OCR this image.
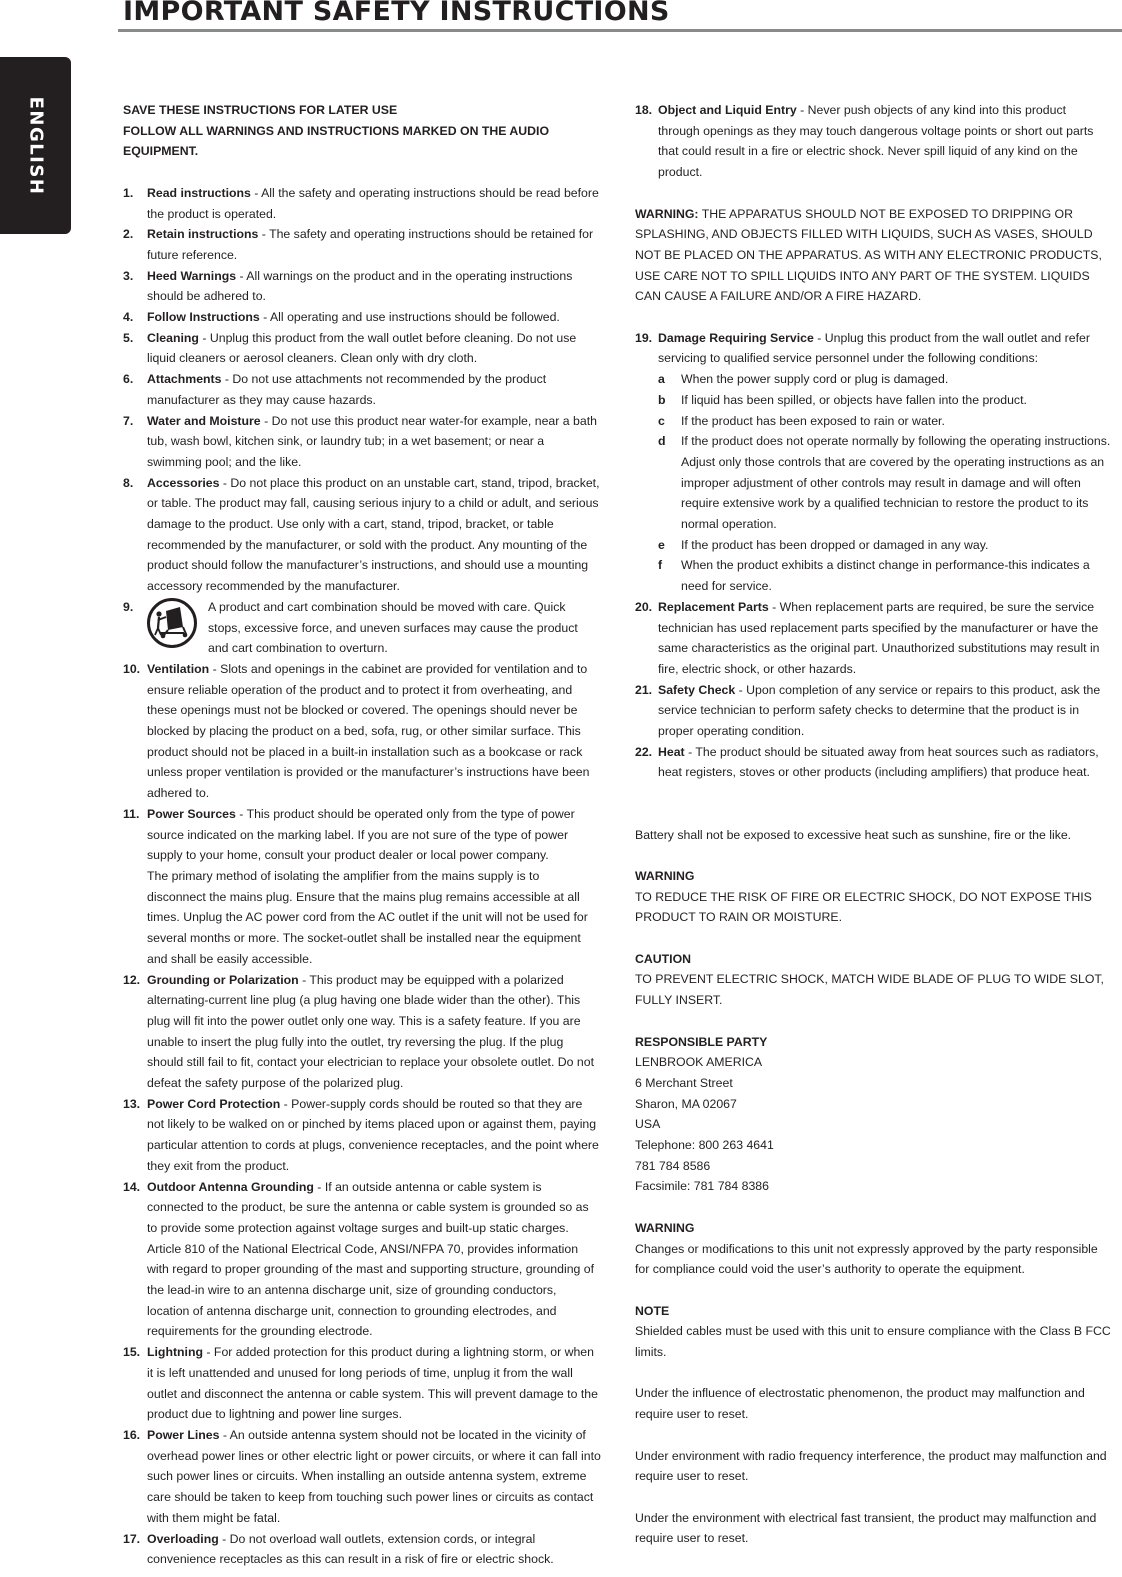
IMPORTANT SAFETY INSTRUCTIONS
ENGLISH	SAVE THESE INSTRUCTIONS FOR LATER USE
FOLLOW ALL WARNINGS AND INSTRUCTIONS MARKED ON THE AUDIO EQUIPMENT.
1. Read instructions - All the safety and operating instructions should be read before the product is operated.
2. Retain instructions - The safety and operating instructions should be retained for future reference.
3. Heed Warnings - All warnings on the product and in the operating instructions should be adhered to.
4. Follow Instructions - All operating and use instructions should be followed.
5. Cleaning - Unplug this product from the wall outlet before cleaning. Do not use liquid cleaners or aerosol cleaners. Clean only with dry cloth.
6. Attachments - Do not use attachments not recommended by the product manufacturer as they may cause hazards.
7. Water and Moisture - Do not use this product near water-for example, near a bath tub, wash bowl, kitchen sink, or laundry tub; in a wet basement; or near a swimming pool; and the like.
8. Accessories - Do not place this product on an unstable cart, stand, tripod, bracket, or table. The product may fall, causing serious injury to a child or adult, and serious damage to the product. Use only with a cart, stand, tripod, bracket, or table recommended by the manufacturer, or sold with the product. Any mounting of the product should follow the manufacturer’s instructions, and should use a mounting accessory recommended by the manufacturer.
9.	A product and cart combination should be moved with care. Quick stops, excessive force, and uneven surfaces may cause the product and cart combination to overturn.
10. Ventilation - Slots and openings in the cabinet are provided for ventilation and to ensure reliable operation of the product and to protect it from overheating, and these openings must not be blocked or covered. The openings should never be blocked by placing the product on a bed, sofa, rug, or other similar surface. This product should not be placed in a built-in installation such as a bookcase or rack unless proper ventilation is provided or the manufacturer’s instructions have been adhered to.
11. Power Sources - This product should be operated only from the type of power source indicated on the marking label. If you are not sure of the type of power supply to your home, consult your product dealer or local power company.
The primary method of isolating the amplifier from the mains supply is to disconnect the mains plug. Ensure that the mains plug remains accessible at all times. Unplug the AC power cord from the AC outlet if the unit will not be used for several months or more. The socket-outlet shall be installed near the equipment and shall be easily accessible.
12. Grounding or Polarization - This product may be equipped with a polarized alternating-current line plug (a plug having one blade wider than the other). This plug will fit into the power outlet only one way. This is a safety feature. If you are unable to insert the plug fully into the outlet, try reversing the plug. If the plug should still fail to fit, contact your electrician to replace your obsolete outlet. Do not defeat the safety purpose of the polarized plug.
13. Power Cord Protection - Power-supply cords should be routed so that they are not likely to be walked on or pinched by items placed upon or against them, paying particular attention to cords at plugs, convenience receptacles, and the point where they exit from the product.
14. Outdoor Antenna Grounding - If an outside antenna or cable system is connected to the product, be sure the antenna or cable system is grounded so as to provide some protection against voltage surges and built-up static charges. Article 810 of the National Electrical Code, ANSI/NFPA 70, provides information with regard to proper grounding of the mast and supporting structure, grounding of the lead-in wire to an antenna discharge unit, size of grounding conductors, location of antenna discharge unit, connection to grounding electrodes, and requirements for the grounding electrode.
15. Lightning - For added protection for this product during a lightning storm, or when it is left unattended and unused for long periods of time, unplug it from the wall outlet and disconnect the antenna or cable system. This will prevent damage to the product due to lightning and power line surges.
16. Power Lines - An outside antenna system should not be located in the vicinity of overhead power lines or other electric light or power circuits, or where it can fall into such power lines or circuits. When installing an outside antenna system, extreme care should be taken to keep from touching such power lines or circuits as contact with them might be fatal.
17. Overloading - Do not overload wall outlets, extension cords, or integral convenience receptacles as this can result in a risk of fire or electric shock.
18. Object and Liquid Entry - Never push objects of any kind into this product through openings as they may touch dangerous voltage points or short out parts that could result in a fire or electric shock. Never spill liquid of any kind on the product.
WARNING: THE APPARATUS SHOULD NOT BE EXPOSED TO DRIPPING OR SPLASHING, AND OBJECTS FILLED WITH LIQUIDS, SUCH AS VASES, SHOULD NOT BE PLACED ON THE APPARATUS. AS WITH ANY ELECTRONIC PRODUCTS, USE CARE NOT TO SPILL LIQUIDS INTO ANY PART OF THE SYSTEM. LIQUIDS CAN CAUSE A FAILURE AND/OR A FIRE HAZARD.
19. Damage Requiring Service - Unplug this product from the wall outlet and refer servicing to qualified service personnel under the following conditions:
a When the power supply cord or plug is damaged.
b If liquid has been spilled, or objects have fallen into the product.
c If the product has been exposed to rain or water.
d If the product does not operate normally by following the operating instructions. Adjust only those controls that are covered by the operating instructions as an improper adjustment of other controls may result in damage and will often require extensive work by a qualified technician to restore the product to its normal operation.
e If the product has been dropped or damaged in any way.
f When the product exhibits a distinct change in performance-this indicates a need for service.
20. Replacement Parts - When replacement parts are required, be sure the service technician has used replacement parts specified by the manufacturer or have the same characteristics as the original part. Unauthorized substitutions may result in fire, electric shock, or other hazards.
21. Safety Check - Upon completion of any service or repairs to this product, ask the service technician to perform safety checks to determine that the product is in proper operating condition.
22. Heat - The product should be situated away from heat sources such as radiators, heat registers, stoves or other products (including amplifiers) that produce heat.
Battery shall not be exposed to excessive heat such as sunshine, fire or the like.
WARNING
TO REDUCE THE RISK OF FIRE OR ELECTRIC SHOCK, DO NOT EXPOSE THIS PRODUCT TO RAIN OR MOISTURE.
CAUTION
TO PREVENT ELECTRIC SHOCK, MATCH WIDE BLADE OF PLUG TO WIDE SLOT, FULLY INSERT.
RESPONSIBLE PARTY
LENBROOK AMERICA
6 Merchant Street
Sharon, MA 02067
USA
Telephone: 800 263 4641
781 784 8586
Facsimile: 781 784 8386
WARNING
Changes or modifications to this unit not expressly approved by the party responsible for compliance could void the user’s authority to operate the equipment.
NOTE
Shielded cables must be used with this unit to ensure compliance with the Class B FCC limits.
Under the influence of electrostatic phenomenon, the product may malfunction and require user to reset.
Under environment with radio frequency interference, the product may malfunction and require user to reset.
Under the environment with electrical fast transient, the product may malfunction and require user to reset.
